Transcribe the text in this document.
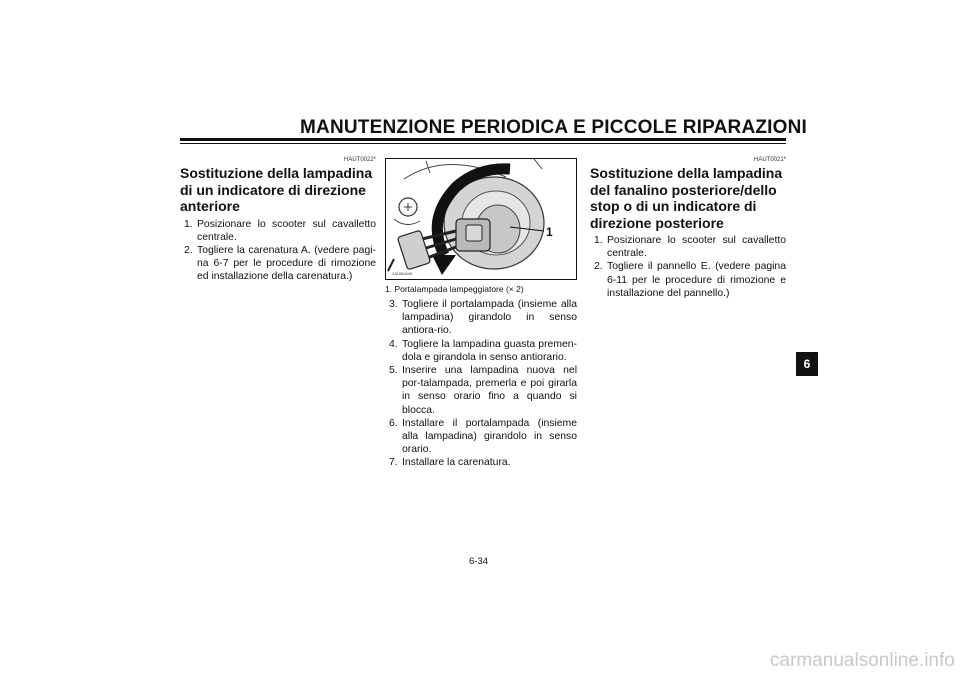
MANUTENZIONE PERIODICA E PICCOLE RIPARAZIONI
HAUT0022*
Sostituzione della lampadina di un indicatore di direzione anteriore
1. Posizionare lo scooter sul cavalletto centrale.
2. Togliere la carenatura A. (vedere pagi-na 6-7 per le procedure di rimozione ed installazione della carenatura.)
1
ZAUM0440
1. Portalampada lampeggiatore (× 2)
3. Togliere il portalampada (insieme alla lampadina) girandolo in senso antiora-rio.
4. Togliere la lampadina guasta premen-dola e girandola in senso antiorario.
5. Inserire una lampadina nuova nel por-talampada, premerla e poi girarla in senso orario fino a quando si blocca.
6. Installare il portalampada (insieme alla lampadina) girandolo in senso orario.
7. Installare la carenatura.
HAUT0021*
Sostituzione della lampadina del fanalino posteriore/dello stop o di un indicatore di direzione posteriore
1. Posizionare lo scooter sul cavalletto centrale.
2. Togliere il pannello E. (vedere pagina 6-11 per le procedure di rimozione e installazione del pannello.)
6
6-34
carmanualsonline.info
